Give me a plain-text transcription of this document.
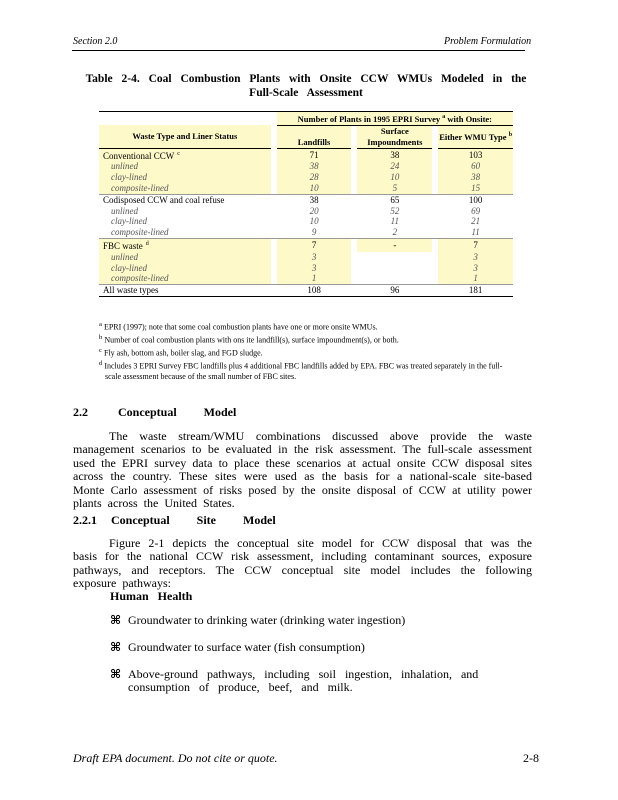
Section 2.0	Problem Formulation
Table 2-4. Coal Combustion Plants with Onsite CCW WMUs Modeled in the Full-Scale Assessment
		Number of Plants in 1995 EPRI Survey $^a$ with Onsite:				
Waste Type and Liner Status		Landfills		Surface Impoundments		Either WMU Type $^b$

Conventional CCW $^c$		71		38		103
unlined		38		24		60
clay-lined		28		10		38
composite-lined		10		5		15
Codisposed CCW and coal refuse		38		65		100
unlined		20		52		69
clay-lined		10		11		21
composite-lined		9		2		11
FBC waste $^d$		7		-		7
unlined		3				3
clay-lined		3				3
composite-lined		1				1
All waste types		108		96		181

$^a$ EPRI (1997); note that some coal combustion plants have one or more onsite WMUs.

$^b$ Number of coal combustion plants with ons ite landfill(s), surface impoundment(s), or both.

$^c$ Fly ash, bottom ash, boiler slag, and FGD sludge.

$^d$ Includes 3 EPRI Survey FBC landfills plus 4 additional FBC landfills added by EPA. FBC was treated separately in the full- scale assessment because of the small number of FBC sites.

2.2	Conceptual Model
The waste stream/WMU combinations discussed above provide the waste management scenarios to be evaluated in the risk assessment. The full-scale assessment used the EPRI survey data to place these scenarios at actual onsite CCW disposal sites across the country. These sites were used as the basis for a national-scale site-based Monte Carlo assessment of risks posed by the onsite disposal of CCW at utility power plants across the United States.
2.2.1 Conceptual Site Model
Figure 2-1 depicts the conceptual site model for CCW disposal that was the basis for the national CCW risk assessment, including contaminant sources, exposure pathways, and receptors. The CCW conceptual site model includes the following exposure pathways:
Human Health
⌘ Groundwater to drinking water (drinking water ingestion)
⌘ Groundwater to surface water (fish consumption)
⌘ Above-ground pathways, including soil ingestion, inhalation, and consumption of produce, beef, and milk.
Draft EPA document. Do not cite or quote.	2-8
